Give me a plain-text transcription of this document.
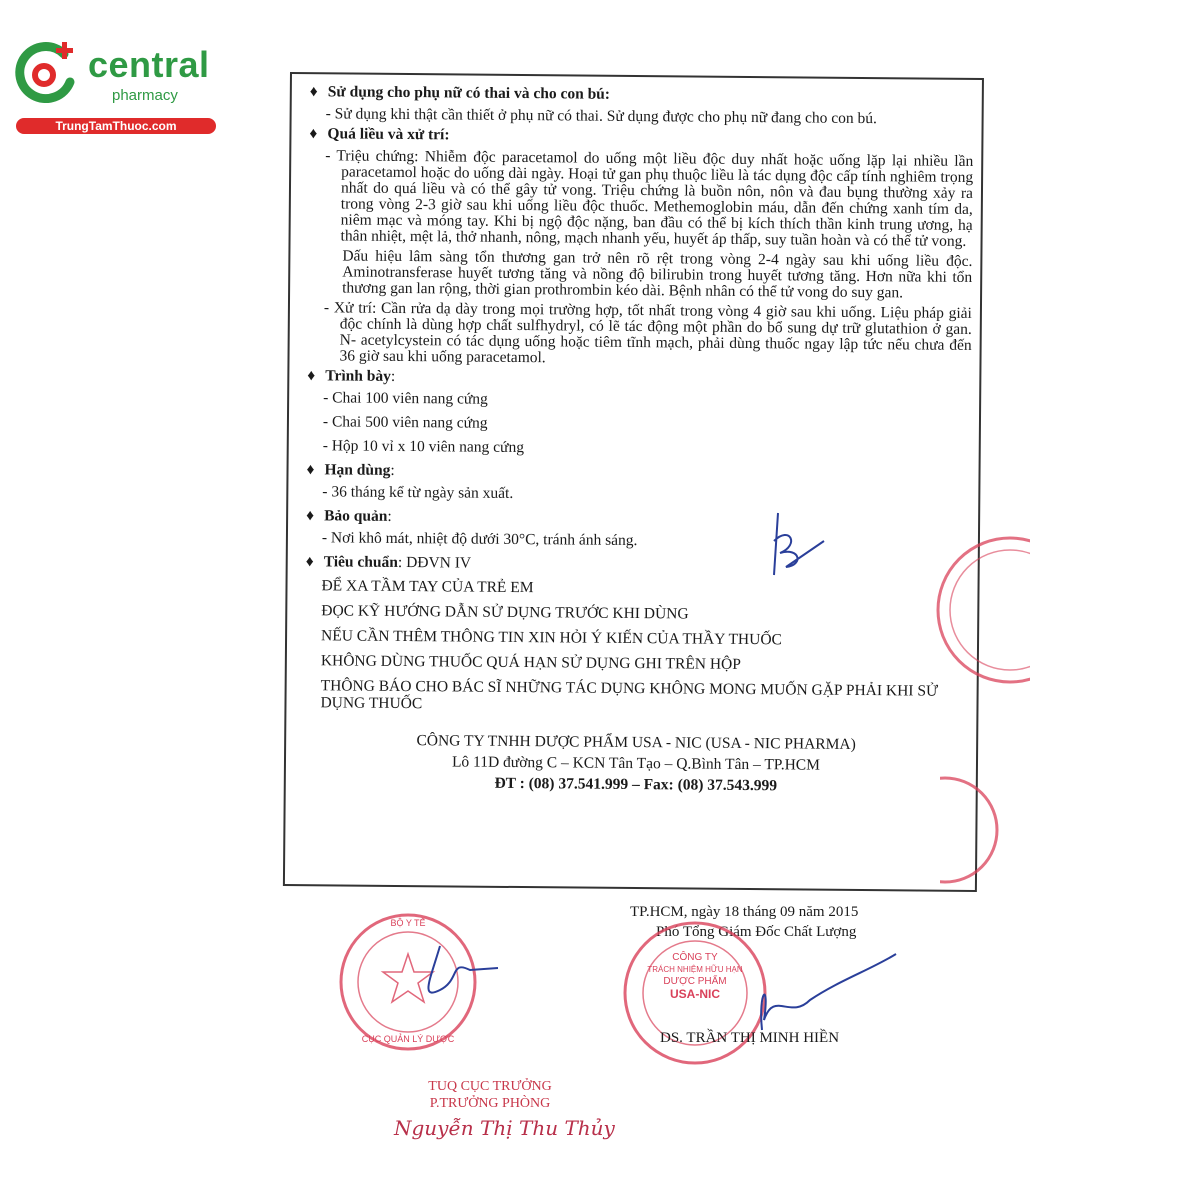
central
pharmacy
TrungTamThuoc.com
♦ Sử dụng cho phụ nữ có thai và cho con bú:
- Sử dụng khi thật cần thiết ở phụ nữ có thai. Sử dụng được cho phụ nữ đang cho con bú.
♦ Quá liều và xử trí:
- Triệu chứng: Nhiễm độc paracetamol do uống một liều độc duy nhất hoặc uống lặp lại nhiều lần paracetamol hoặc do uống dài ngày. Hoại tử gan phụ thuộc liều là tác dụng độc cấp tính nghiêm trọng nhất do quá liều và có thể gây tử vong. Triệu chứng là buồn nôn, nôn và đau bụng thường xảy ra trong vòng 2-3 giờ sau khi uống liều độc thuốc. Methemoglobin máu, dẫn đến chứng xanh tím da, niêm mạc và móng tay. Khi bị ngộ độc nặng, ban đầu có thể bị kích thích thần kinh trung ương, hạ thân nhiệt, mệt lả, thở nhanh, nông, mạch nhanh yếu, huyết áp thấp, suy tuần hoàn và có thể tử vong.
Dấu hiệu lâm sàng tổn thương gan trở nên rõ rệt trong vòng 2-4 ngày sau khi uống liều độc. Aminotransferase huyết tương tăng và nồng độ bilirubin trong huyết tương tăng. Hơn nữa khi tổn thương gan lan rộng, thời gian prothrombin kéo dài. Bệnh nhân có thể tử vong do suy gan.
- Xử trí: Cần rửa dạ dày trong mọi trường hợp, tốt nhất trong vòng 4 giờ sau khi uống. Liệu pháp giải độc chính là dùng hợp chất sulfhydryl, có lẽ tác động một phần do bổ sung dự trữ glutathion ở gan. N- acetylcystein có tác dụng uống hoặc tiêm tĩnh mạch, phải dùng thuốc ngay lập tức nếu chưa đến 36 giờ sau khi uống paracetamol.
♦ Trình bày:
- Chai 100 viên nang cứng
- Chai 500 viên nang cứng
- Hộp 10 vỉ x 10 viên nang cứng
♦ Hạn dùng:
- 36 tháng kể từ ngày sản xuất.
♦ Bảo quản:
- Nơi khô mát, nhiệt độ dưới 30°C, tránh ánh sáng.
♦ Tiêu chuẩn: DĐVN IV
ĐỂ XA TẦM TAY CỦA TRẺ EM
ĐỌC KỸ HƯỚNG DẪN SỬ DỤNG TRƯỚC KHI DÙNG
NẾU CẦN THÊM THÔNG TIN XIN HỎI Ý KIẾN CỦA THẦY THUỐC
KHÔNG DÙNG THUỐC QUÁ HẠN SỬ DỤNG GHI TRÊN HỘP
THÔNG BÁO CHO BÁC SĨ NHỮNG TÁC DỤNG KHÔNG MONG MUỐN GẶP PHẢI KHI SỬ DỤNG THUỐC
CÔNG TY TNHH DƯỢC PHẨM USA - NIC (USA - NIC PHARMA)
Lô 11D đường C – KCN Tân Tạo – Q.Bình Tân – TP.HCM
ĐT : (08) 37.541.999 – Fax: (08) 37.543.999
TP.HCM, ngày 18 tháng 09 năm 2015
Phó Tổng Giám Đốc Chất Lượng
CÔNG TY
TRÁCH NHIỆM HỮU HẠN
DƯỢC PHẨM
USA-NIC
DS. TRẦN THỊ MINH HIỀN
BỘ Y TẾ
CỤC QUẢN LÝ DƯỢC
TUQ CỤC TRƯỞNG
P.TRƯỞNG PHÒNG
Nguyễn Thị Thu Thủy
